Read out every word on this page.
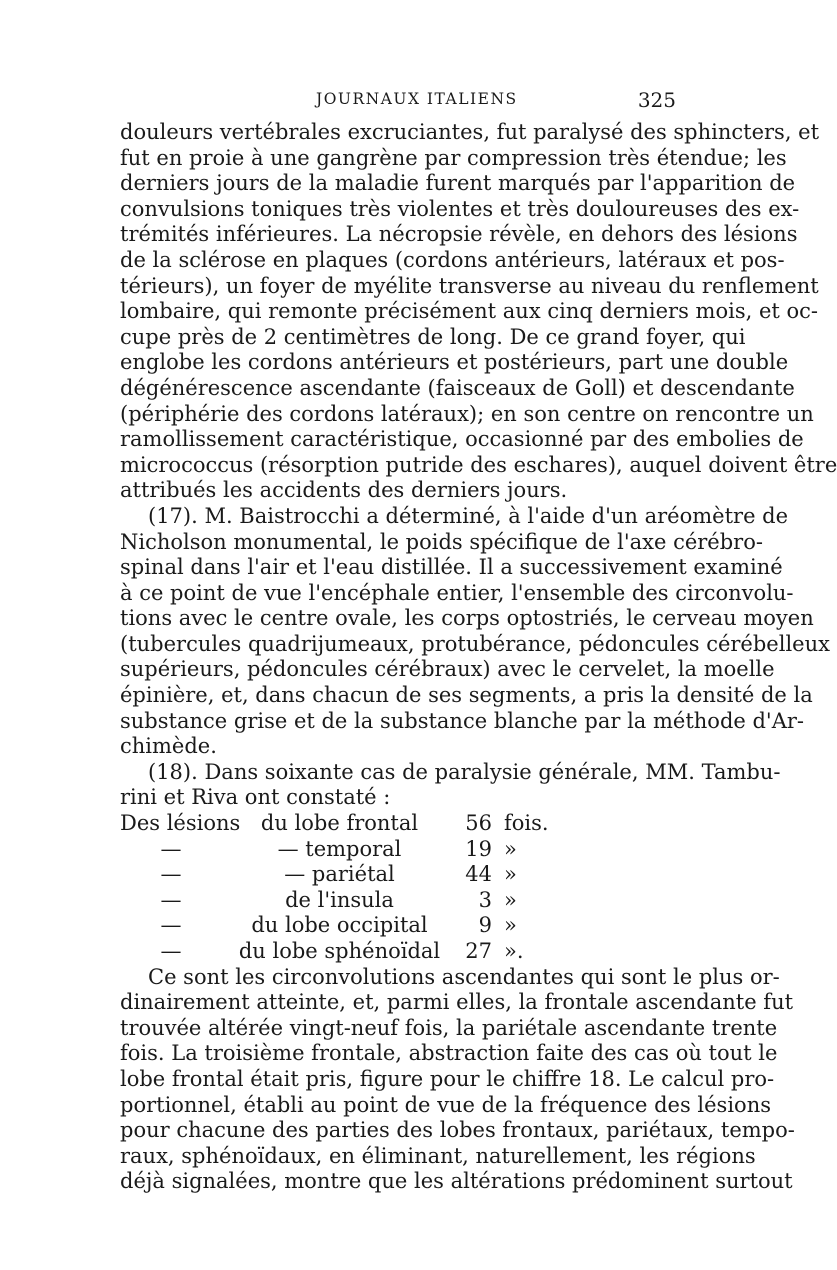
JOURNAUX ITALIENS	325
douleurs vertébrales excruciantes, fut paralysé des sphincters, et
fut en proie à une gangrène par compression très étendue; les
derniers jours de la maladie furent marqués par l'apparition de
convulsions toniques très violentes et très douloureuses des ex-
trémités inférieures. La nécropsie révèle, en dehors des lésions
de la sclérose en plaques (cordons antérieurs, latéraux et pos-
térieurs), un foyer de myélite transverse au niveau du renflement
lombaire, qui remonte précisément aux cinq derniers mois, et oc-
cupe près de 2 centimètres de long. De ce grand foyer, qui
englobe les cordons antérieurs et postérieurs, part une double
dégénérescence ascendante (faisceaux de Goll) et descendante
(périphérie des cordons latéraux); en son centre on rencontre un
ramollissement caractéristique, occasionné par des embolies de
micrococcus (résorption putride des eschares), auquel doivent être
attribués les accidents des derniers jours.
(17). M. Baistrocchi a déterminé, à l'aide d'un aréomètre de
Nicholson monumental, le poids spécifique de l'axe cérébro-
spinal dans l'air et l'eau distillée. Il a successivement examiné
à ce point de vue l'encéphale entier, l'ensemble des circonvolu-
tions avec le centre ovale, les corps optostriés, le cerveau moyen
(tubercules quadrijumeaux, protubérance, pédoncules cérébelleux
supérieurs, pédoncules cérébraux) avec le cervelet, la moelle
épinière, et, dans chacun de ses segments, a pris la densité de la
substance grise et de la substance blanche par la méthode d'Ar-
chimède.
(18). Dans soixante cas de paralysie générale, MM. Tambu-
rini et Riva ont constaté :
Des lésions du lobe frontal	56 fois.
—	— temporal	19 »
—	— pariétal	44 »
—	de l'insula	3 »
—	du lobe occipital	9 »
—	du lobe sphénoïdal	27 ».
Ce sont les circonvolutions ascendantes qui sont le plus or-
dinairement atteinte, et, parmi elles, la frontale ascendante fut
trouvée altérée vingt-neuf fois, la pariétale ascendante trente
fois. La troisième frontale, abstraction faite des cas où tout le
lobe frontal était pris, figure pour le chiffre 18. Le calcul pro-
portionnel, établi au point de vue de la fréquence des lésions
pour chacune des parties des lobes frontaux, pariétaux, tempo-
raux, sphénoïdaux, en éliminant, naturellement, les régions
déjà signalées, montre que les altérations prédominent surtout
